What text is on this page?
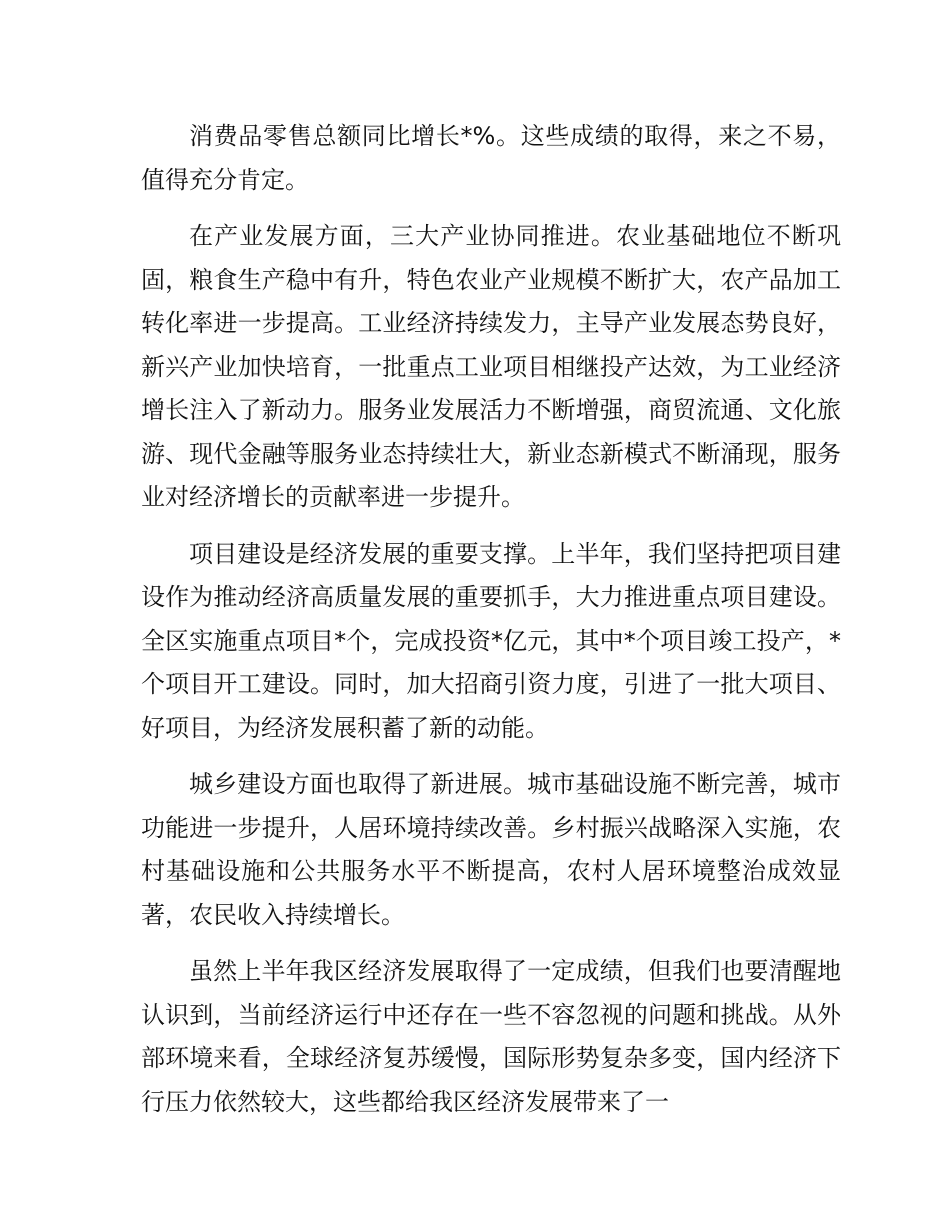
消费品零售总额同比增长*%。这些成绩的取得，来之不易，值得充分肯定。

在产业发展方面，三大产业协同推进。农业基础地位不断巩固，粮食生产稳中有升，特色农业产业规模不断扩大，农产品加工转化率进一步提高。工业经济持续发力，主导产业发展态势良好，新兴产业加快培育，一批重点工业项目相继投产达效，为工业经济增长注入了新动力。服务业发展活力不断增强，商贸流通、文化旅游、现代金融等服务业态持续壮大，新业态新模式不断涌现，服务业对经济增长的贡献率进一步提升。

项目建设是经济发展的重要支撑。上半年，我们坚持把项目建设作为推动经济高质量发展的重要抓手，大力推进重点项目建设。全区实施重点项目*个，完成投资*亿元，其中*个项目竣工投产，*个项目开工建设。同时，加大招商引资力度，引进了一批大项目、好项目，为经济发展积蓄了新的动能。

城乡建设方面也取得了新进展。城市基础设施不断完善，城市功能进一步提升，人居环境持续改善。乡村振兴战略深入实施，农村基础设施和公共服务水平不断提高，农村人居环境整治成效显著，农民收入持续增长。

虽然上半年我区经济发展取得了一定成绩，但我们也要清醒地认识到，当前经济运行中还存在一些不容忽视的问题和挑战。从外部环境来看，全球经济复苏缓慢，国际形势复杂多变，国内经济下行压力依然较大，这些都给我区经济发展带来了一
